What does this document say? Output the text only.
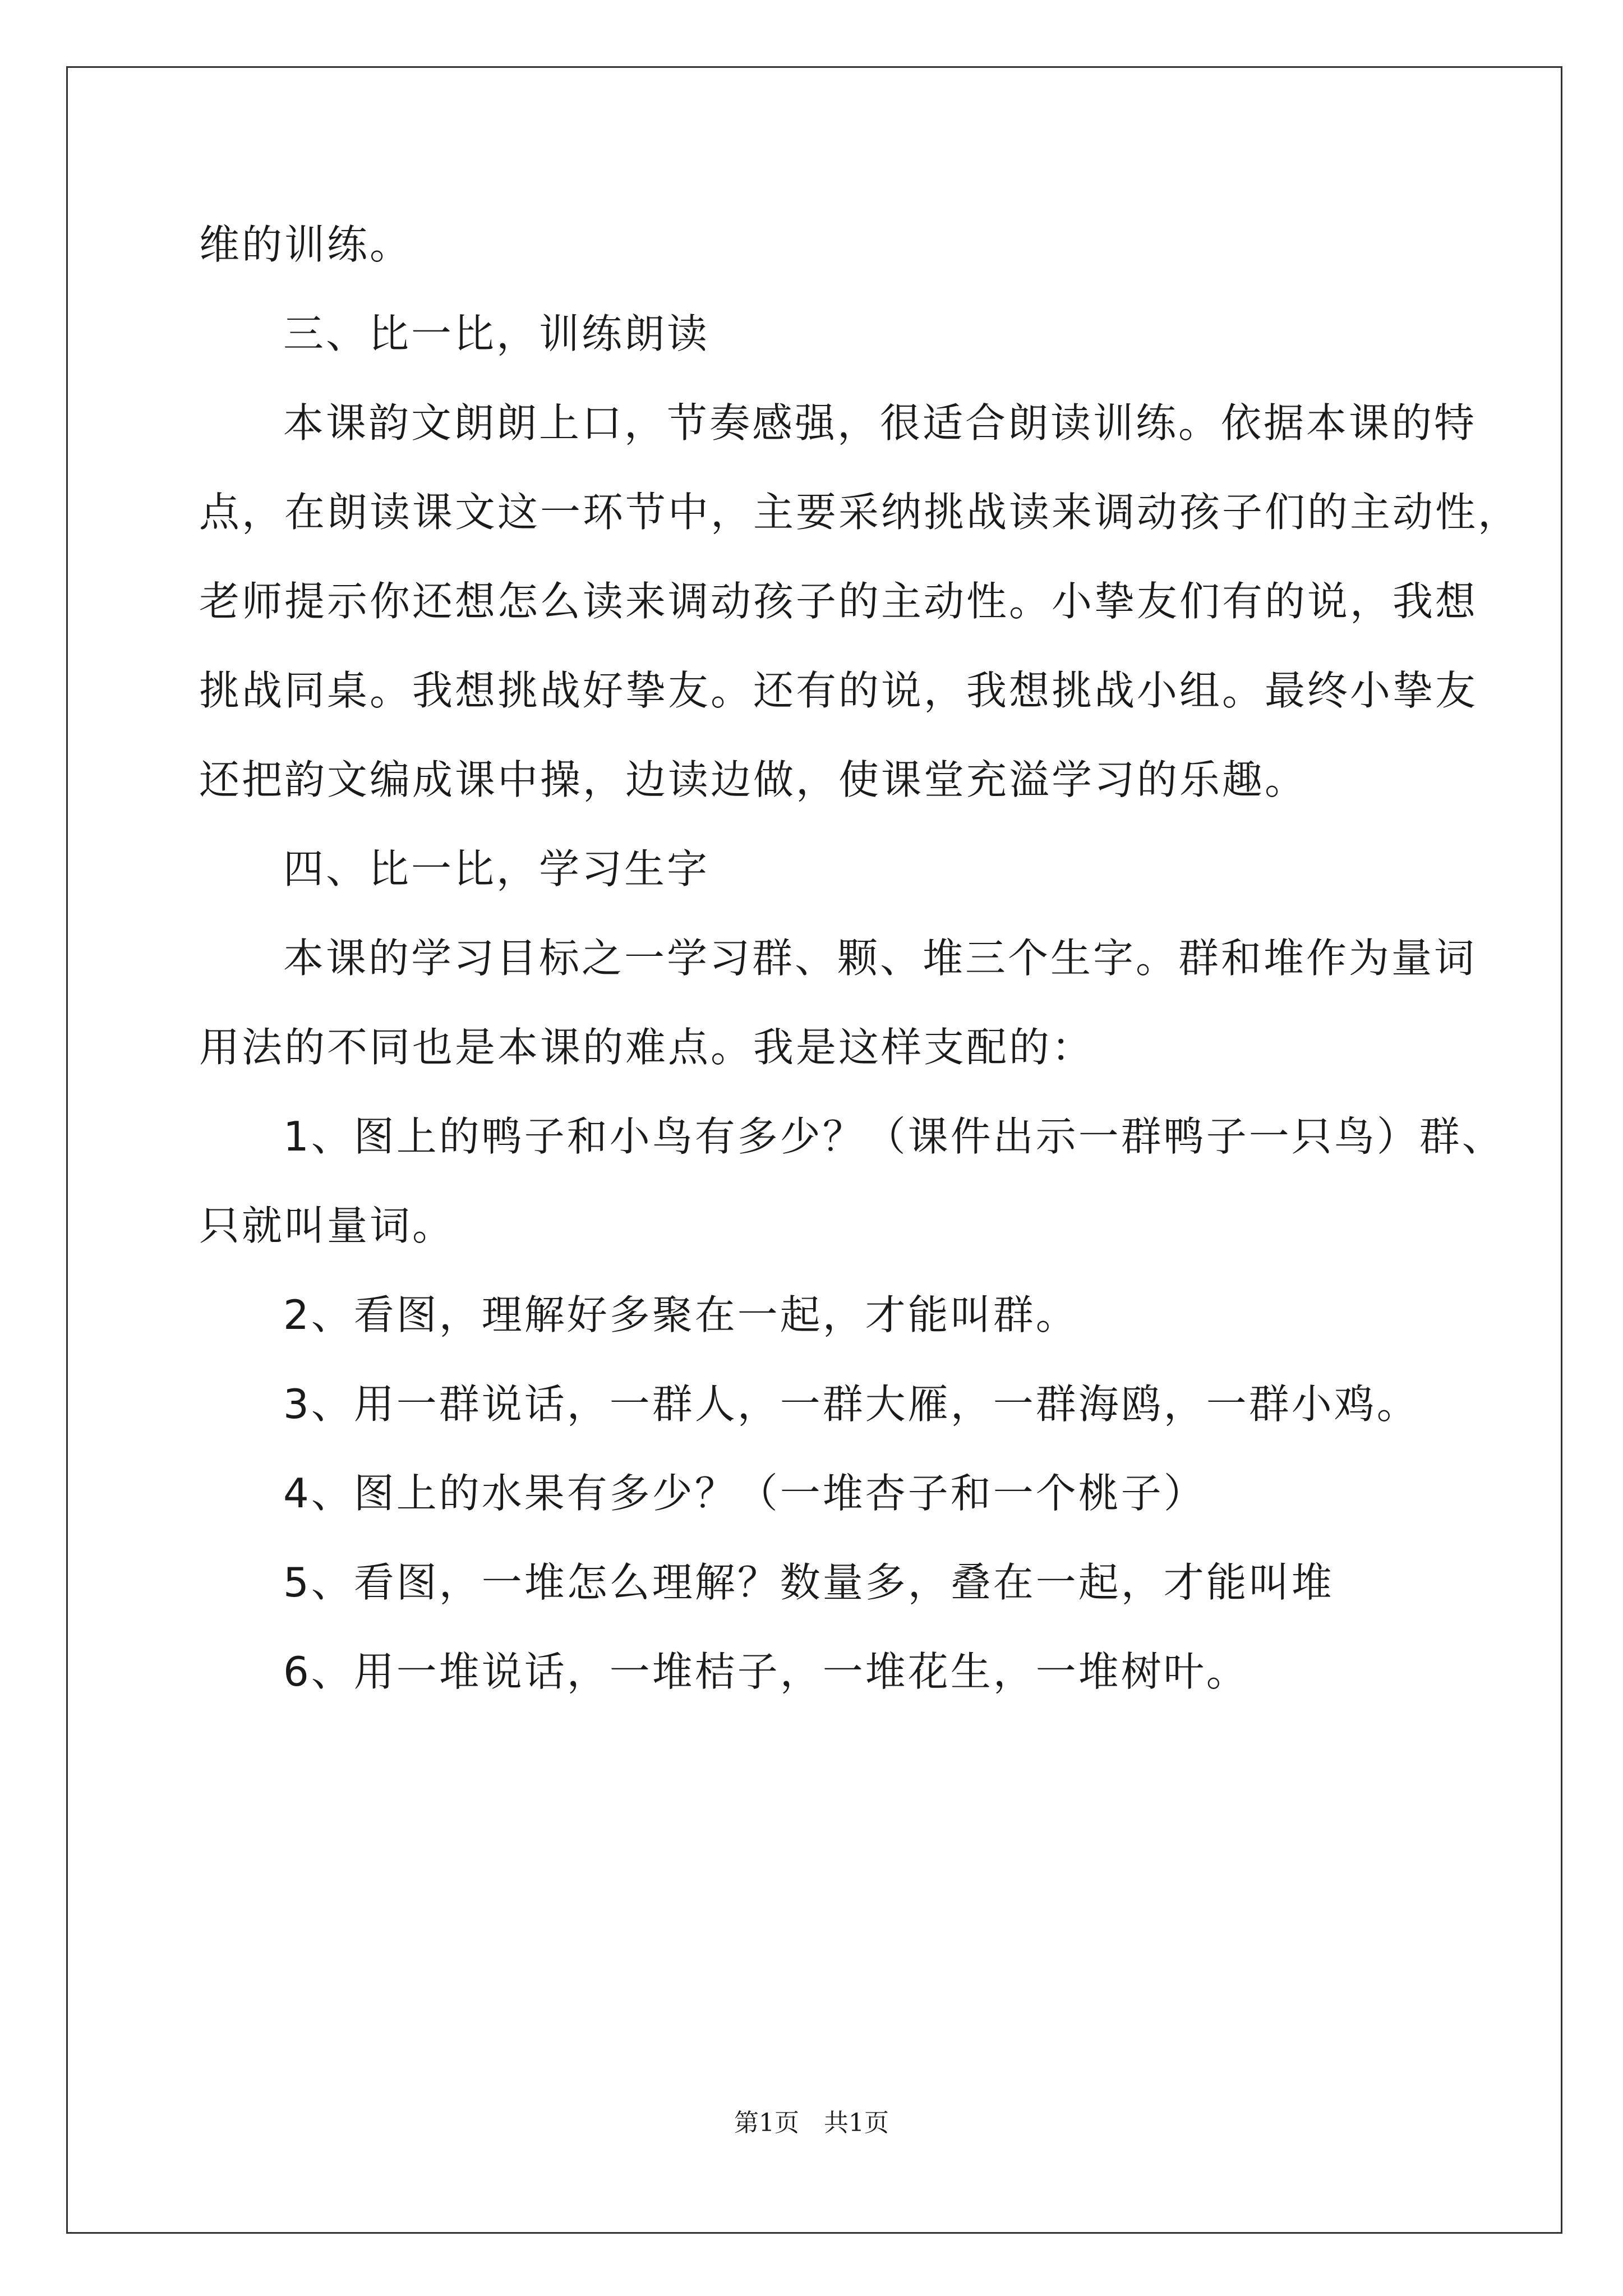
维的训练。
三、比一比，训练朗读
本课韵文朗朗上口，节奏感强，很适合朗读训练。依据本课的特
点，在朗读课文这一环节中，主要采纳挑战读来调动孩子们的主动性，
老师提示你还想怎么读来调动孩子的主动性。小挚友们有的说，我想
挑战同桌。我想挑战好挚友。还有的说，我想挑战小组。最终小挚友
还把韵文编成课中操，边读边做，使课堂充溢学习的乐趣。
四、比一比，学习生字
本课的学习目标之一学习群、颗、堆三个生字。群和堆作为量词
用法的不同也是本课的难点。我是这样支配的：
1、图上的鸭子和小鸟有多少？（课件出示一群鸭子一只鸟）群、
只就叫量词。
2、看图，理解好多聚在一起，才能叫群。
3、用一群说话，一群人，一群大雁，一群海鸥，一群小鸡。
4、图上的水果有多少？（一堆杏子和一个桃子）
5、看图，一堆怎么理解？数量多，叠在一起，才能叫堆
6、用一堆说话，一堆桔子，一堆花生，一堆树叶。
第1页　共1页
